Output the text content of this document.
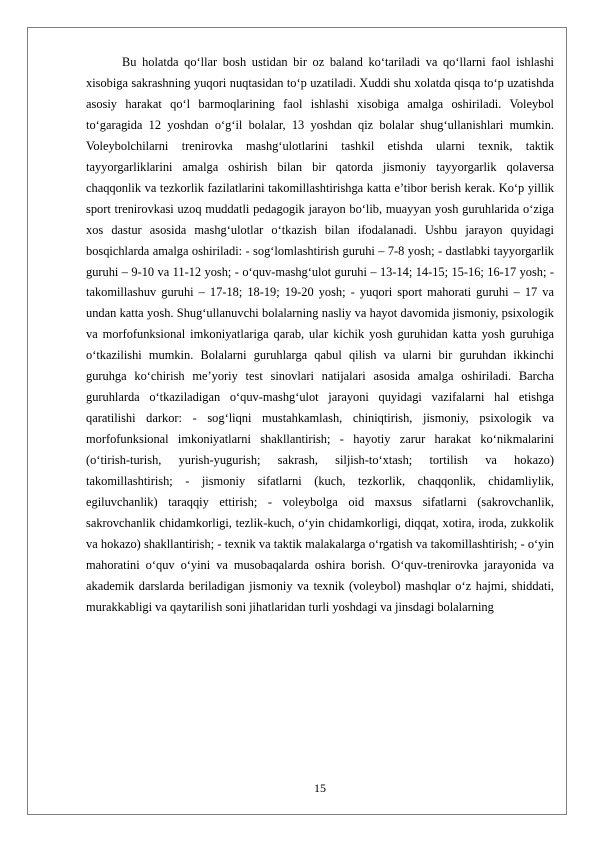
Bu holatda qo‘llar bosh ustidan bir oz baland ko‘tariladi va qo‘llarni faol ishlashi xisobiga sakrashning yuqori nuqtasidan to‘p uzatiladi. Xuddi shu xolatda qisqa to‘p uzatishda asosiy harakat qo‘l barmoqlarining faol ishlashi xisobiga amalga oshiriladi. Voleybol to‘garagida 12 yoshdan o‘g‘il bolalar, 13 yoshdan qiz bolalar shug‘ullanishlari mumkin. Voleybolchilarni trenirovka mashg‘ulotlarini tashkil etishda ularni texnik, taktik tayyorgarliklarini amalga oshirish bilan bir qatorda jismoniy tayyorgarlik qolaversa chaqqonlik va tezkorlik fazilatlarini takomillashtirishga katta e’tibor berish kerak. Ko‘p yillik sport trenirovkasi uzoq muddatli pedagogik jarayon bo‘lib, muayyan yosh guruhlarida o‘ziga xos dastur asosida mashg‘ulotlar o‘tkazish bilan ifodalanadi. Ushbu jarayon quyidagi bosqichlarda amalga oshiriladi: - sog‘lomlashtirish guruhi – 7-8 yosh; - dastlabki tayyorgarlik guruhi – 9-10 va 11-12 yosh; - o‘quv-mashg‘ulot guruhi – 13-14; 14-15; 15-16; 16-17 yosh; - takomillashuv guruhi – 17-18; 18-19; 19-20 yosh; - yuqori sport mahorati guruhi – 17 va undan katta yosh. Shug‘ullanuvchi bolalarning nasliy va hayot davomida jismoniy, psixologik va morfofunksional imkoniyatlariga qarab, ular kichik yosh guruhidan katta yosh guruhiga o‘tkazilishi mumkin. Bolalarni guruhlarga qabul qilish va ularni bir guruhdan ikkinchi guruhga ko‘chirish me’yoriy test sinovlari natijalari asosida amalga oshiriladi. Barcha guruhlarda o‘tkaziladigan o‘quv-mashg‘ulot jarayoni quyidagi vazifalarni hal etishga qaratilishi darkor: - sog‘liqni mustahkamlash, chiniqtirish, jismoniy, psixologik va morfofunksional imkoniyatlarni shakllantirish; - hayotiy zarur harakat ko‘nikmalarini (o‘tirish-turish, yurish-yugurish; sakrash, siljish-to‘xtash; tortilish va hokazo) takomillashtirish; - jismoniy sifatlarni (kuch, tezkorlik, chaqqonlik, chidamliylik, egiluvchanlik) taraqqiy ettirish; - voleybolga oid maxsus sifatlarni (sakrovchanlik, sakrovchanlik chidamkorligi, tezlik-kuch, o‘yin chidamkorligi, diqqat, xotira, iroda, zukkolik va hokazo) shakllantirish; - texnik va taktik malakalarga o‘rgatish va takomillashtirish; - o‘yin mahoratini o‘quv o‘yini va musobaqalarda oshira borish. O‘quv-trenirovka jarayonida va akademik darslarda beriladigan jismoniy va texnik (voleybol) mashqlar o‘z hajmi, shiddati, murakkabligi va qaytarilish soni jihatlaridan turli yoshdagi va jinsdagi bolalarning

15
